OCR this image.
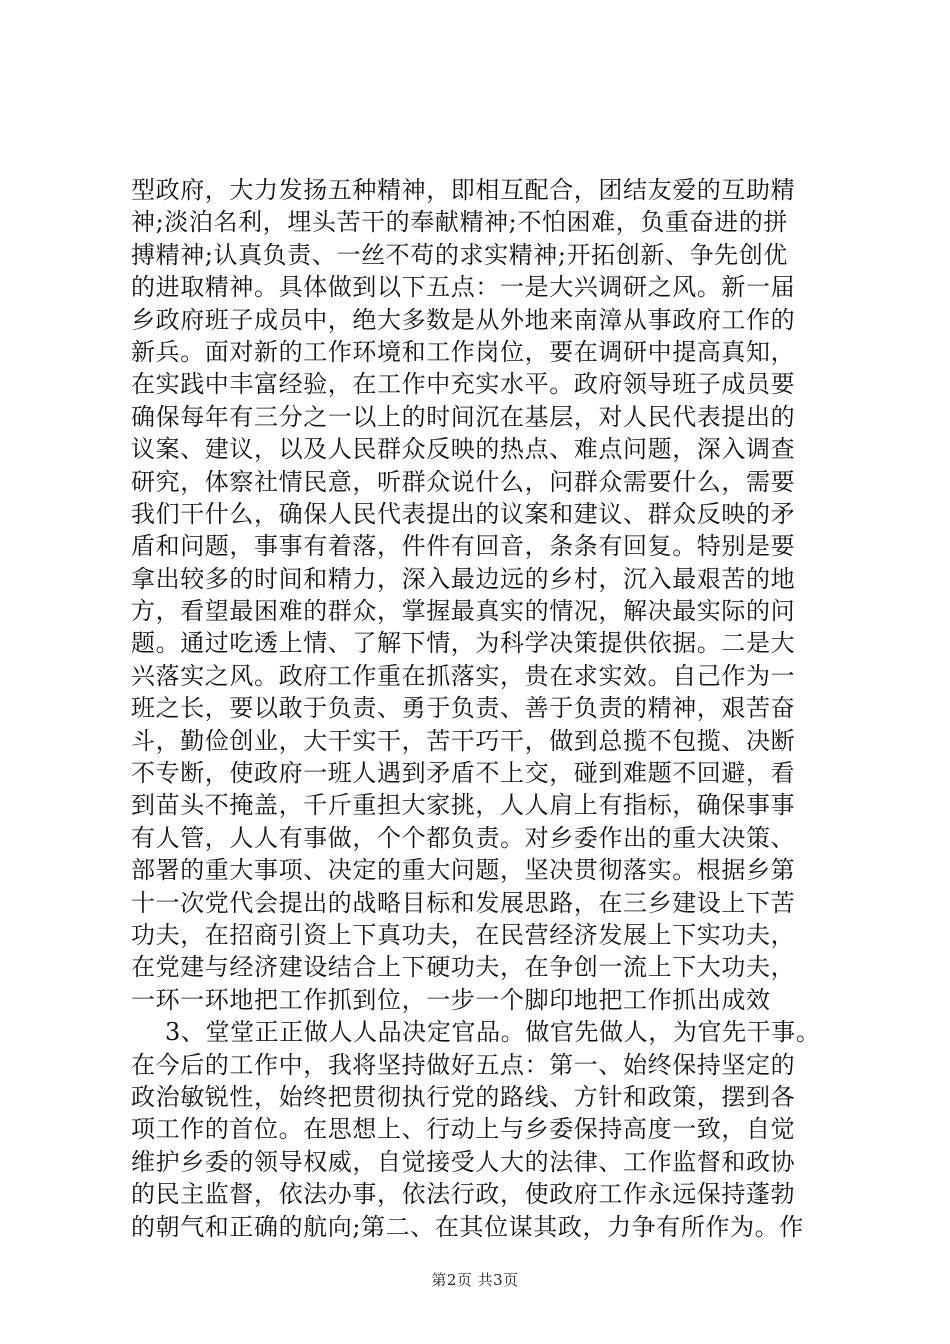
型政府，大力发扬五种精神，即相互配合，团结友爱的互助精
神;淡泊名利，埋头苦干的奉献精神;不怕困难，负重奋进的拼
搏精神;认真负责、一丝不苟的求实精神;开拓创新、争先创优
的进取精神。具体做到以下五点：一是大兴调研之风。新一届
乡政府班子成员中，绝大多数是从外地来南漳从事政府工作的
新兵。面对新的工作环境和工作岗位，要在调研中提高真知，
在实践中丰富经验，在工作中充实水平。政府领导班子成员要
确保每年有三分之一以上的时间沉在基层，对人民代表提出的
议案、建议，以及人民群众反映的热点、难点问题，深入调查
研究，体察社情民意，听群众说什么，问群众需要什么，需要
我们干什么，确保人民代表提出的议案和建议、群众反映的矛
盾和问题，事事有着落，件件有回音，条条有回复。特别是要
拿出较多的时间和精力，深入最边远的乡村，沉入最艰苦的地
方，看望最困难的群众，掌握最真实的情况，解决最实际的问
题。通过吃透上情、了解下情，为科学决策提供依据。二是大
兴落实之风。政府工作重在抓落实，贵在求实效。自己作为一
班之长，要以敢于负责、勇于负责、善于负责的精神，艰苦奋
斗，勤俭创业，大干实干，苦干巧干，做到总揽不包揽、决断
不专断，使政府一班人遇到矛盾不上交，碰到难题不回避，看
到苗头不掩盖，千斤重担大家挑，人人肩上有指标，确保事事
有人管，人人有事做，个个都负责。对乡委作出的重大决策、
部署的重大事项、决定的重大问题，坚决贯彻落实。根据乡第
十一次党代会提出的战略目标和发展思路，在三乡建设上下苦
功夫，在招商引资上下真功夫，在民营经济发展上下实功夫，
在党建与经济建设结合上下硬功夫，在争创一流上下大功夫，
一环一环地把工作抓到位，一步一个脚印地把工作抓出成效
3、堂堂正正做人人品决定官品。做官先做人，为官先干事。
在今后的工作中，我将坚持做好五点：第一、始终保持坚定的
政治敏锐性，始终把贯彻执行党的路线、方针和政策，摆到各
项工作的首位。在思想上、行动上与乡委保持高度一致，自觉
维护乡委的领导权威，自觉接受人大的法律、工作监督和政协
的民主监督，依法办事，依法行政，使政府工作永远保持蓬勃
的朝气和正确的航向;第二、在其位谋其政，力争有所作为。作
第2页 共3页
